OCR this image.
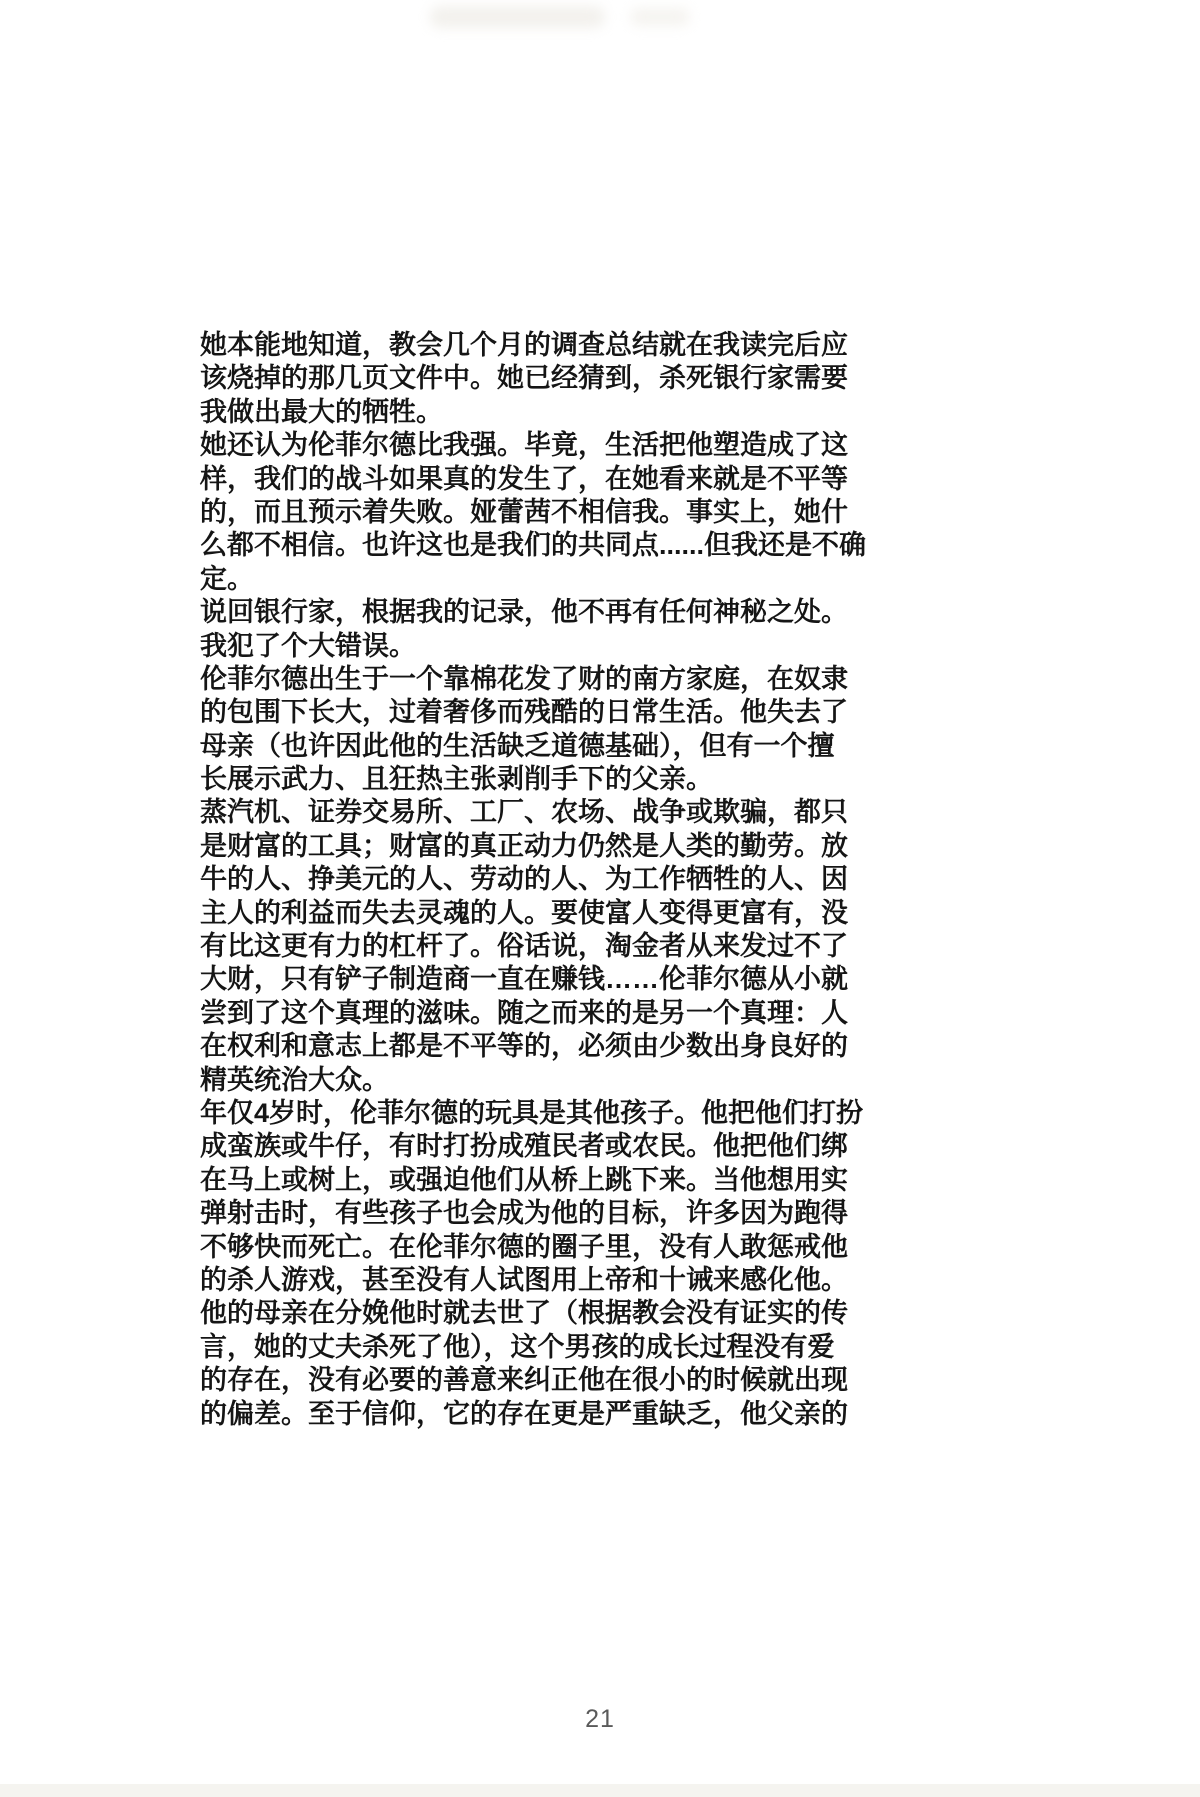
她本能地知道，教会几个月的调查总结就在我读完后应
该烧掉的那几页文件中。她已经猜到，杀死银行家需要
我做出最大的牺牲。
她还认为伦菲尔德比我强。毕竟，生活把他塑造成了这
样，我们的战斗如果真的发生了，在她看来就是不平等
的，而且预示着失败。娅蕾茜不相信我。事实上，她什
么都不相信。也许这也是我们的共同点......但我还是不确
定。
说回银行家，根据我的记录，他不再有任何神秘之处。
我犯了个大错误。
伦菲尔德出生于一个靠棉花发了财的南方家庭，在奴隶
的包围下长大，过着奢侈而残酷的日常生活。他失去了
母亲（也许因此他的生活缺乏道德基础），但有一个擅
长展示武力、且狂热主张剥削手下的父亲。
蒸汽机、证券交易所、工厂、农场、战争或欺骗，都只
是财富的工具；财富的真正动力仍然是人类的勤劳。放
牛的人、挣美元的人、劳动的人、为工作牺牲的人、因
主人的利益而失去灵魂的人。要使富人变得更富有，没
有比这更有力的杠杆了。俗话说，淘金者从来发过不了
大财，只有铲子制造商一直在赚钱……伦菲尔德从小就
尝到了这个真理的滋味。随之而来的是另一个真理：人
在权利和意志上都是不平等的，必须由少数出身良好的
精英统治大众。
年仅4岁时，伦菲尔德的玩具是其他孩子。他把他们打扮
成蛮族或牛仔，有时打扮成殖民者或农民。他把他们绑
在马上或树上，或强迫他们从桥上跳下来。当他想用实
弹射击时，有些孩子也会成为他的目标，许多因为跑得
不够快而死亡。在伦菲尔德的圈子里，没有人敢惩戒他
的杀人游戏，甚至没有人试图用上帝和十诫来感化他。
他的母亲在分娩他时就去世了（根据教会没有证实的传
言，她的丈夫杀死了他），这个男孩的成长过程没有爱
的存在，没有必要的善意来纠正他在很小的时候就出现
的偏差。至于信仰，它的存在更是严重缺乏，他父亲的
21
